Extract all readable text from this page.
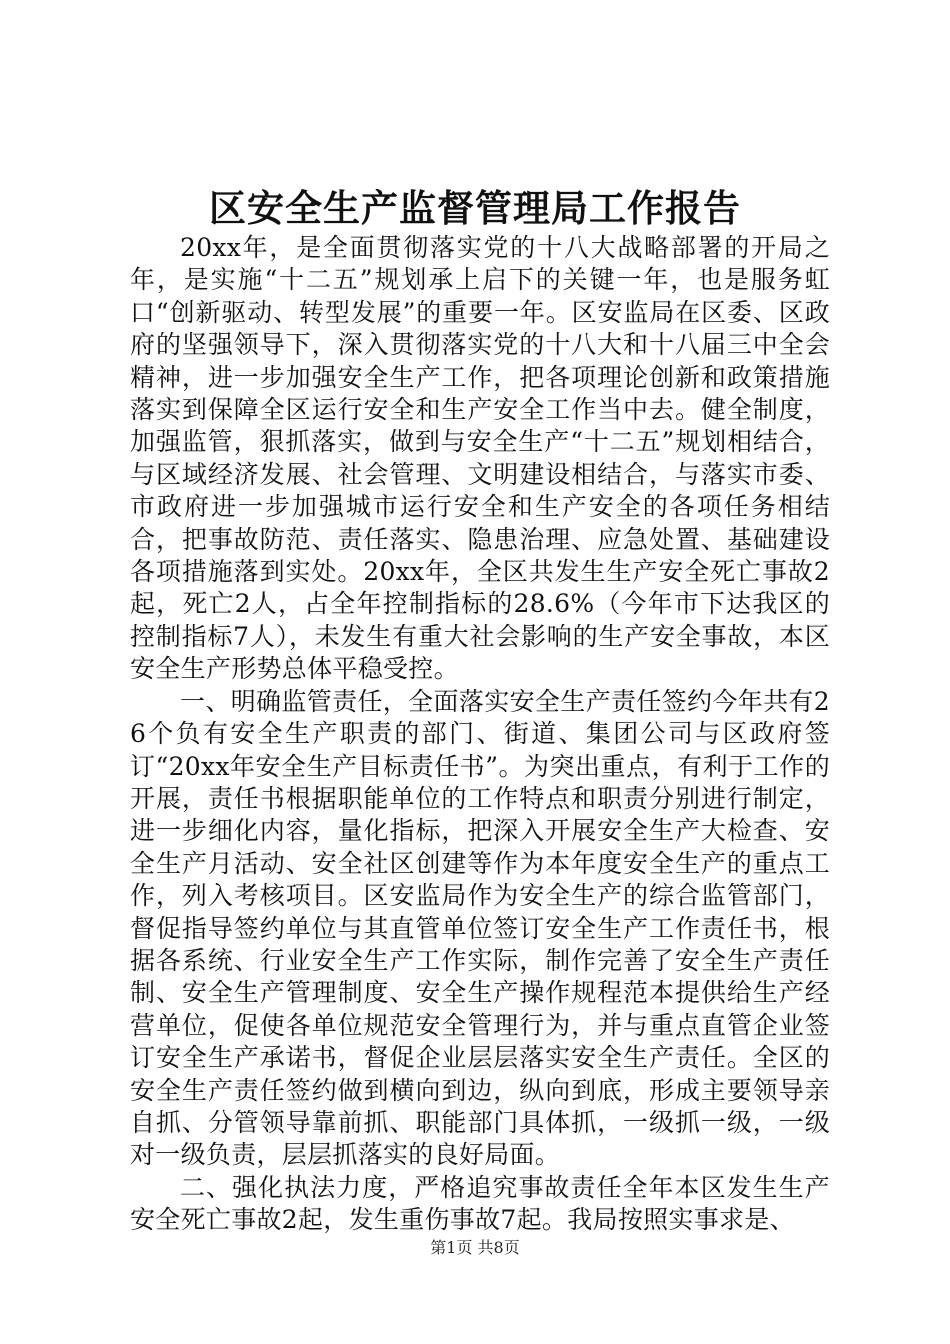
区安全生产监督管理局工作报告

20xx年，是全面贯彻落实党的十八大战略部署的开局之年，是实施“十二五”规划承上启下的关键一年，也是服务虹口“创新驱动、转型发展”的重要一年。区安监局在区委、区政府的坚强领导下，深入贯彻落实党的十八大和十八届三中全会精神，进一步加强安全生产工作，把各项理论创新和政策措施落实到保障全区运行安全和生产安全工作当中去。健全制度，加强监管，狠抓落实，做到与安全生产“十二五”规划相结合，与区域经济发展、社会管理、文明建设相结合，与落实市委、市政府进一步加强城市运行安全和生产安全的各项任务相结合，把事故防范、责任落实、隐患治理、应急处置、基础建设各项措施落到实处。20xx年，全区共发生生产安全死亡事故2起，死亡2人，占全年控制指标的28.6%（今年市下达我区的控制指标7人），未发生有重大社会影响的生产安全事故，本区安全生产形势总体平稳受控。

一、明确监管责任，全面落实安全生产责任签约今年共有26个负有安全生产职责的部门、街道、集团公司与区政府签订“20xx年安全生产目标责任书”。为突出重点，有利于工作的开展，责任书根据职能单位的工作特点和职责分别进行制定，进一步细化内容，量化指标，把深入开展安全生产大检查、安全生产月活动、安全社区创建等作为本年度安全生产的重点工作，列入考核项目。区安监局作为安全生产的综合监管部门，督促指导签约单位与其直管单位签订安全生产工作责任书，根据各系统、行业安全生产工作实际，制作完善了安全生产责任制、安全生产管理制度、安全生产操作规程范本提供给生产经营单位，促使各单位规范安全管理行为，并与重点直管企业签订安全生产承诺书，督促企业层层落实安全生产责任。全区的安全生产责任签约做到横向到边，纵向到底，形成主要领导亲自抓、分管领导靠前抓、职能部门具体抓，一级抓一级，一级对一级负责，层层抓落实的良好局面。

二、强化执法力度，严格追究事故责任全年本区发生生产安全死亡事故2起，发生重伤事故7起。我局按照实事求是、

第1页 共8页
